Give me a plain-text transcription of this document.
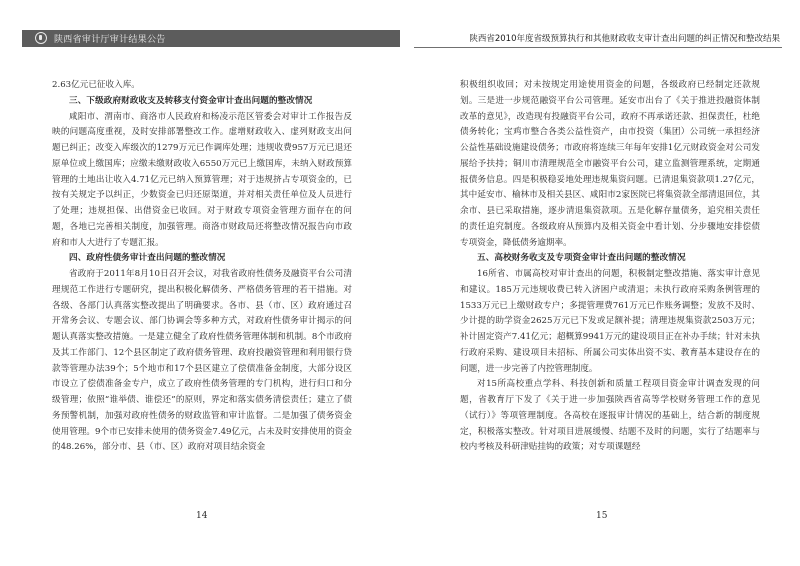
陕西省审计厅审计结果公告	陕西省2010年度省级预算执行和其他财政收支审计查出问题的纠正情况和整改结果

2.63亿元已征收入库。

三、下级政府财政收支及转移支付资金审计查出问题的整改情况

咸阳市、渭南市、商洛市人民政府和杨凌示范区管委会对审计工作报告反映的问题高度重视，及时安排部署整改工作。虚增财政收入、虚列财政支出问题已纠正；改变入库级次的1279万元已作调库处理；违规收费957万元已退还原单位或上缴国库；应缴未缴财政收入6550万元已上缴国库，未纳入财政预算管理的土地出让收入4.71亿元已纳入预算管理；对于违规挤占专项资金的，已按有关规定予以纠正，少数资金已归还原渠道，并对相关责任单位及人员进行了处理；违规担保、出借资金已收回。对于财政专项资金管理方面存在的问题，各地已完善相关制度，加强管理。商洛市财政局还将整改情况报告向市政府和市人大进行了专题汇报。

四、政府性债务审计查出问题的整改情况

省政府于2011年8月10日召开会议，对我省政府性债务及融资平台公司清理规范工作进行专题研究，提出积极化解债务、严格债务管理的若干措施。对各级、各部门认真落实整改提出了明确要求。各市、县（市、区）政府通过召开常务会议、专题会议、部门协调会等多种方式，对政府性债务审计揭示的问题认真落实整改措施。一是建立健全了政府性债务管理体制和机制。8个市政府及其工作部门、12个县区制定了政府债务管理、政府投融资管理和利用银行贷款等管理办法39个；5个地市和17个县区建立了偿债准备金制度，大部分设区市设立了偿债准备金专户，成立了政府性债务管理的专门机构，进行归口和分级管理；依照“谁举债、谁偿还”的原则，界定和落实债务清偿责任；建立了债务预警机制，加强对政府性债务的财政监管和审计监督。二是加强了债务资金使用管理。9个市已安排未使用的债务资金7.49亿元，占未及时安排使用的资金的48.26%，部分市、县（市、区）政府对项目结余资金

积极组织收回；对未按规定用途使用资金的问题，各级政府已经制定还款规划。三是进一步规范融资平台公司管理。延安市出台了《关于推进投融资体制改革的意见》，改造现有投融资平台公司，政府不再承诺还款、担保责任，杜绝债务转化；宝鸡市整合各类公益性资产，由市投资（集团）公司统一承担经济公益性基础设施建设债务；市政府将连续三年每年安排1亿元财政资金对公司发展给予扶持；铜川市清理规范全市融资平台公司，建立监测管理系统，定期通报债务信息。四是积极稳妥地处理违规集资问题。已清退集资款项1.27亿元，其中延安市、榆林市及相关县区、咸阳市2家医院已将集资款全部清退回位，其余市、县已采取措施，逐步清退集资款项。五是化解存量债务，追究相关责任的责任追究制度。各级政府从预算内及相关资金中看计划、分步骤地安排偿债专项资金，降低债务逾期率。

五、高校财务收支及专项资金审计查出问题的整改情况

16所省、市属高校对审计查出的问题，积极制定整改措施、落实审计意见和建议。185万元违规收费已转入济困户或清退；未执行政府采购条例管理的1533万元已上缴财政专户；多提管理费761万元已作账务调整；发放不及时、少计提的助学资金2625万元已下发或足额补提；清理违规集资款2503万元；补计固定资产7.41亿元；超概算9941万元的建设项目正在补办手续；针对未执行政府采购、建设项目未招标、所属公司实体出资不实、教育基本建设存在的问题，进一步完善了内控管理制度。

对15所高校重点学科、科技创新和质量工程项目资金审计调查发现的问题，省教育厅下发了《关于进一步加强陕西省高等学校财务管理工作的意见（试行）》等项管理制度。各高校在逐报审计情况的基础上，结合新的制度规定，积极落实整改。针对项目进展缓慢、结题不及时的问题，实行了结题率与校内考核及科研津贴挂钩的政策；对专项课题经

14	15
